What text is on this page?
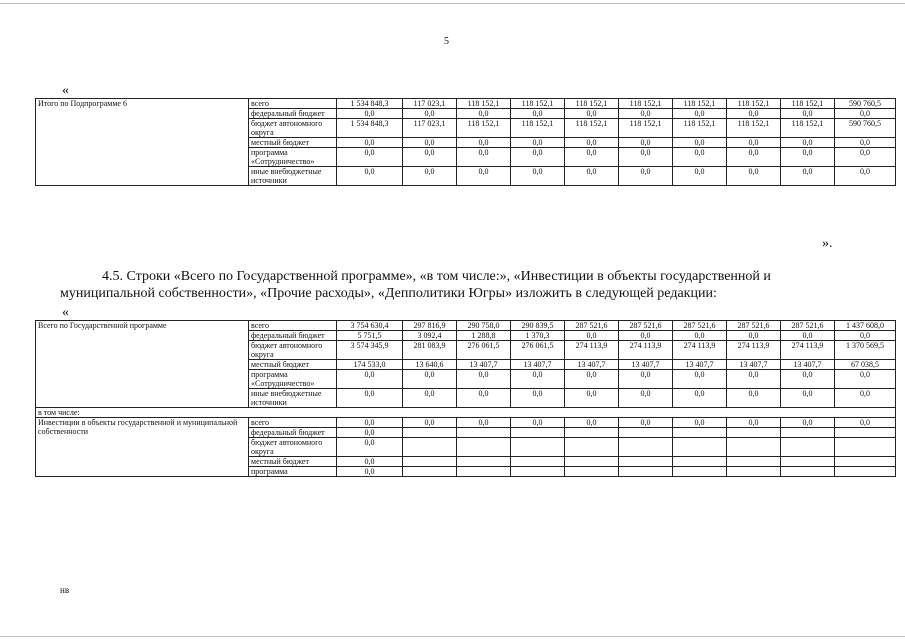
5
«
Итого по Подпрограмме 6	всего	1 534 848,3	117 023,1	118 152,1	118 152,1	118 152,1	118 152,1	118 152,1	118 152,1	118 152,1	590 760,5
	федеральный бюджет	0,0	0,0	0,0	0,0	0,0	0,0	0,0	0,0	0,0	0,0
	бюджет автономного округа	1 534 848,3	117 023,1	118 152,1	118 152,1	118 152,1	118 152,1	118 152,1	118 152,1	118 152,1	590 760,5
	местный бюджет	0,0	0,0	0,0	0,0	0,0	0,0	0,0	0,0	0,0	0,0
	программа «Сотрудничество»	0,0	0,0	0,0	0,0	0,0	0,0	0,0	0,0	0,0	0,0
	иные внебюджетные источники	0,0	0,0	0,0	0,0	0,0	0,0	0,0	0,0	0,0	0,0
».
4.5. Строки «Всего по Государственной программе», «в том числе:», «Инвестиции в объекты государственной и муниципальной собственности», «Прочие расходы», «Деппол‌итики Югры» изложить в следующей редакции:
«
Всего по Государственной программе	всего	3 754 630,4	297 816,9	290 758,0	290 839,5	287 521,6	287 521,6	287 521,6	287 521,6	287 521,6	1 437 608,0
	федеральный бюджет	5 751,5	3 092,4	1 288,8	1 370,3	0,0	0,0	0,0	0,0	0,0	0,0
	бюджет автономного округа	3 574 345,9	281 083,9	276 061,5	276 061,5	274 113,9	274 113,9	274 113,9	274 113,9	274 113,9	1 370 569,5
	местный бюджет	174 533,0	13 640,6	13 407,7	13 407,7	13 407,7	13 407,7	13 407,7	13 407,7	13 407,7	67 038,5
	программа «Сотрудничество»	0,0	0,0	0,0	0,0	0,0	0,0	0,0	0,0	0,0	0,0
	иные внебюджетные источники	0,0	0,0	0,0	0,0	0,0	0,0	0,0	0,0	0,0	0,0
в том числе:											
Инвестиции в объекты государственной и муниципальной собственности	всего	0,0	0,0	0,0	0,0	0,0	0,0	0,0	0,0	0,0	0,0
	федеральный бюджет	0,0									
	бюджет автономного округа	0,0									
	местный бюджет	0,0									
	программа	0,0									
нв
